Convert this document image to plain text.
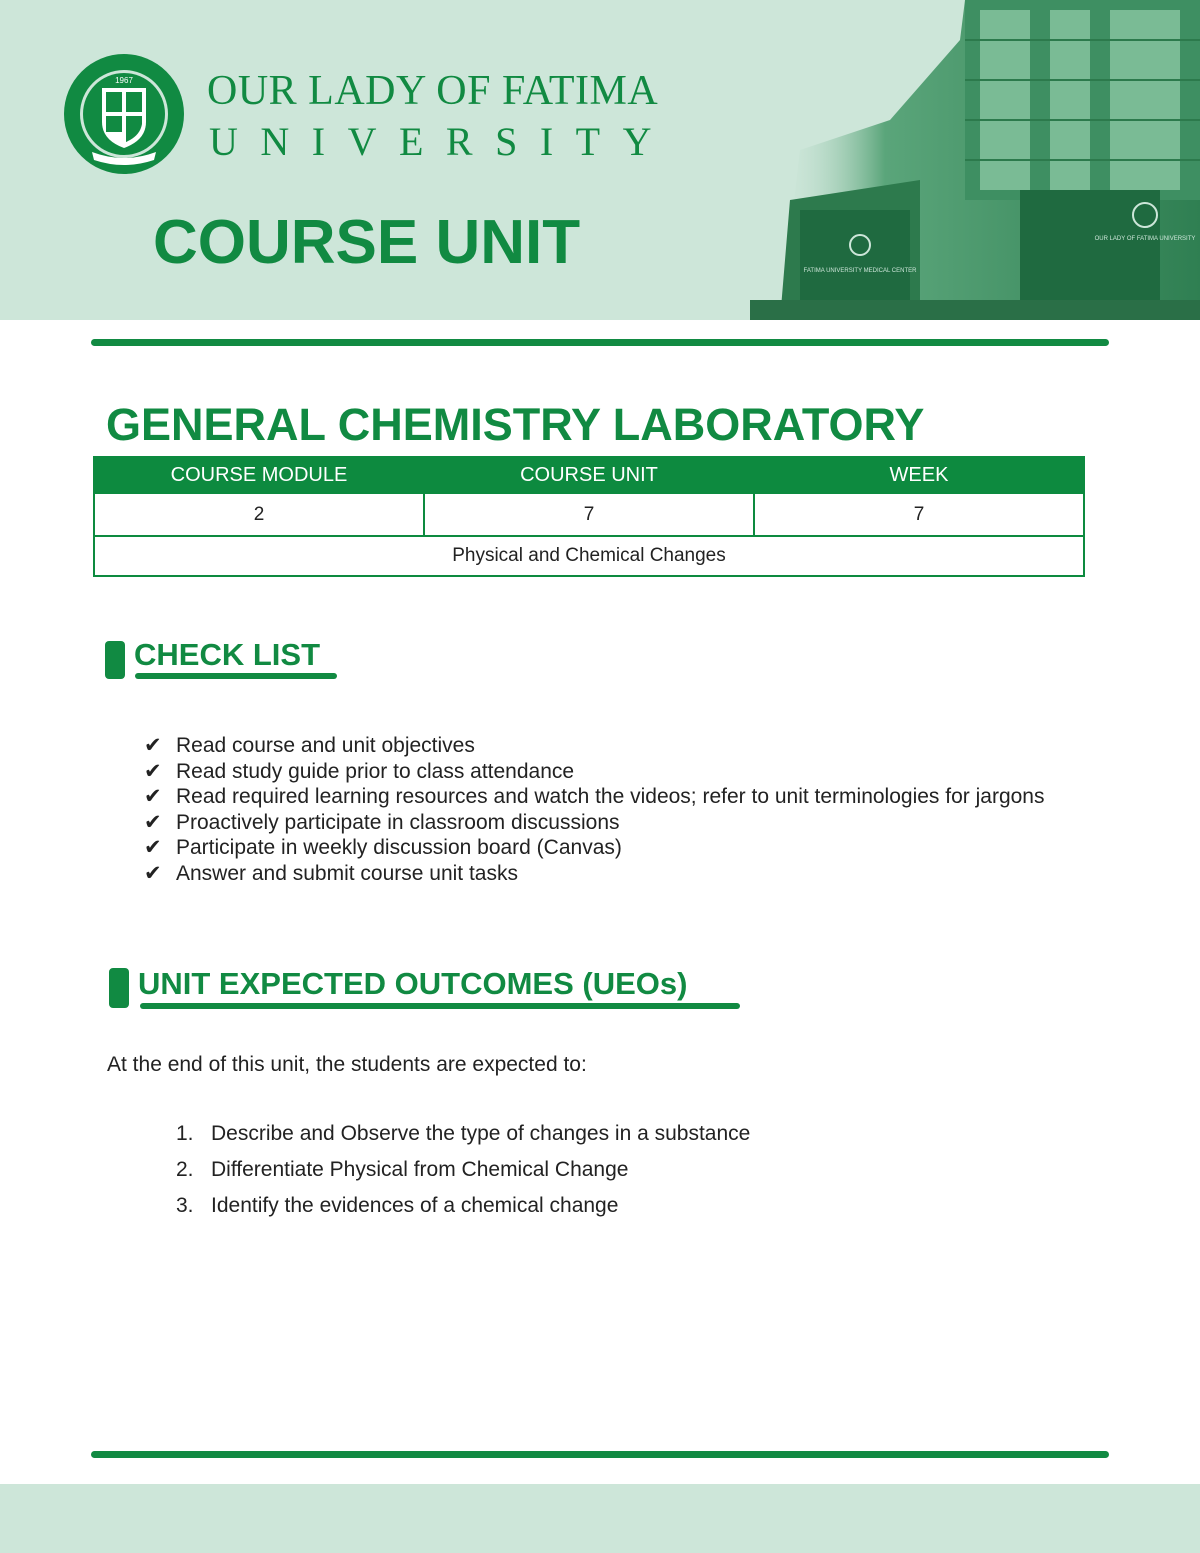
1967 OUR LADY OF FATIMA
UNIVERSITY
COURSE UNIT	FATIMA UNIVERSITY MEDICAL CENTER
OUR LADY OF FATIMA UNIVERSITY
GENERAL CHEMISTRY LABORATORY
COURSE MODULE	COURSE UNIT	WEEK
2	7	7
Physical and Chemical Changes		
CHECK LIST
✔ Read course and unit objectives
✔ Read study guide prior to class attendance
✔ Read required learning resources and watch the videos; refer to unit terminologies for jargons
✔ Proactively participate in classroom discussions
✔ Participate in weekly discussion board (Canvas)
✔ Answer and submit course unit tasks
UNIT EXPECTED OUTCOMES (UEOs)
At the end of this unit, the students are expected to:
1. Describe and Observe the type of changes in a substance
2. Differentiate Physical from Chemical Change
3. Identify the evidences of a chemical change
